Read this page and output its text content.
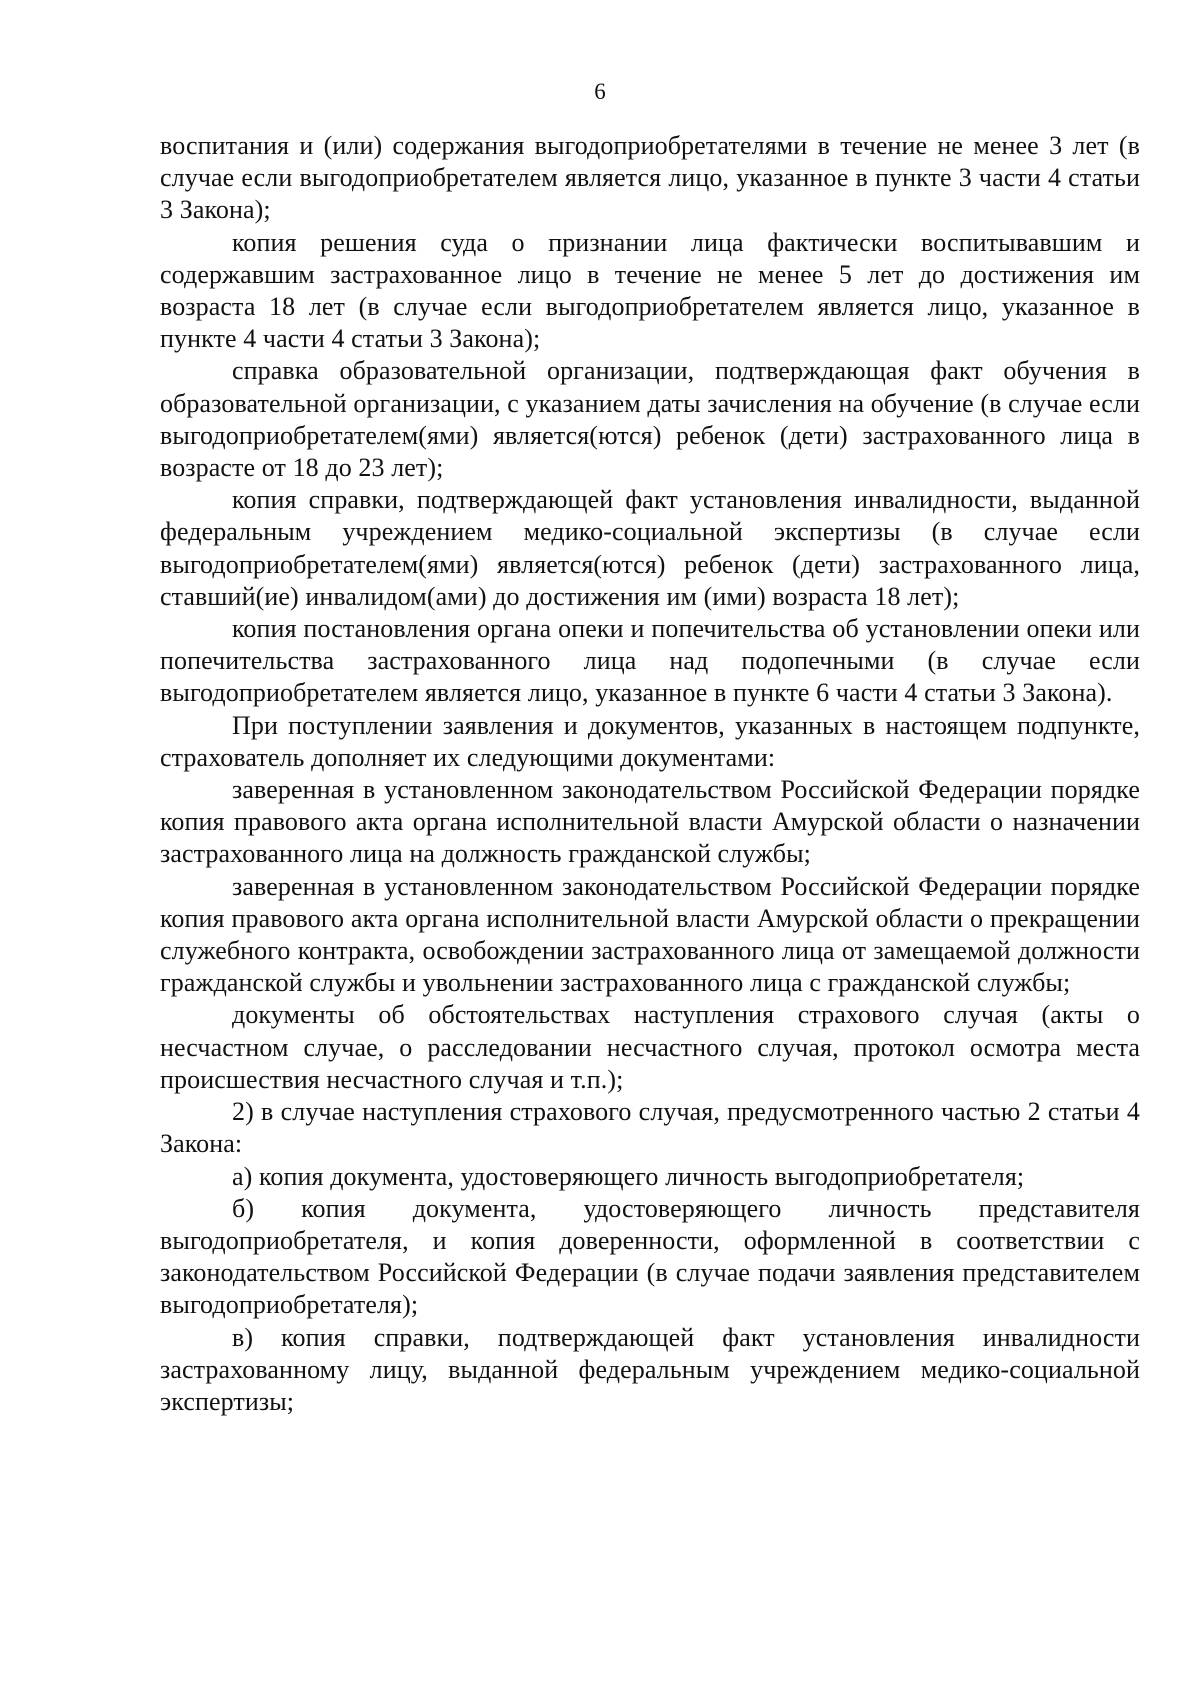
6

воспитания и (или) содержания выгодоприобретателями в течение не менее 3 лет (в случае если выгодоприобретателем является лицо, указанное в пункте 3 части 4 статьи 3 Закона);

копия решения суда о признании лица фактически воспитывавшим и содержавшим застрахованное лицо в течение не менее 5 лет до достижения им возраста 18 лет (в случае если выгодоприобретателем является лицо, указанное в пункте 4 части 4 статьи 3 Закона);

справка образовательной организации, подтверждающая факт обучения в образовательной организации, с указанием даты зачисления на обучение (в случае если выгодоприобретателем(ями) является(ются) ребенок (дети) застрахованного лица в возрасте от 18 до 23 лет);

копия справки, подтверждающей факт установления инвалидности, выданной федеральным учреждением медико-социальной экспертизы (в случае если выгодоприобретателем(ями) является(ются) ребенок (дети) застрахованного лица, ставший(ие) инвалидом(ами) до достижения им (ими) возраста 18 лет);

копия постановления органа опеки и попечительства об установлении опеки или попечительства застрахованного лица над подопечными (в случае если выгодоприобретателем является лицо, указанное в пункте 6 части 4 статьи 3 Закона).

При поступлении заявления и документов, указанных в настоящем подпункте, страхователь дополняет их следующими документами:

заверенная в установленном законодательством Российской Федерации порядке копия правового акта органа исполнительной власти Амурской области о назначении застрахованного лица на должность гражданской службы;

заверенная в установленном законодательством Российской Федерации порядке копия правового акта органа исполнительной власти Амурской области о прекращении служебного контракта, освобождении застрахованного лица от замещаемой должности гражданской службы и увольнении застрахованного лица с гражданской службы;

документы об обстоятельствах наступления страхового случая (акты о несчастном случае, о расследовании несчастного случая, протокол осмотра места происшествия несчастного случая и т.п.);

2) в случае наступления страхового случая, предусмотренного частью 2 статьи 4 Закона:

а) копия документа, удостоверяющего личность выгодоприобретателя;

б) копия документа, удостоверяющего личность представителя выгодоприобретателя, и копия доверенности, оформленной в соответствии с законодательством Российской Федерации (в случае подачи заявления представителем выгодоприобретателя);

в) копия справки, подтверждающей факт установления инвалидности застрахованному лицу, выданной федеральным учреждением медико-социальной экспертизы;
